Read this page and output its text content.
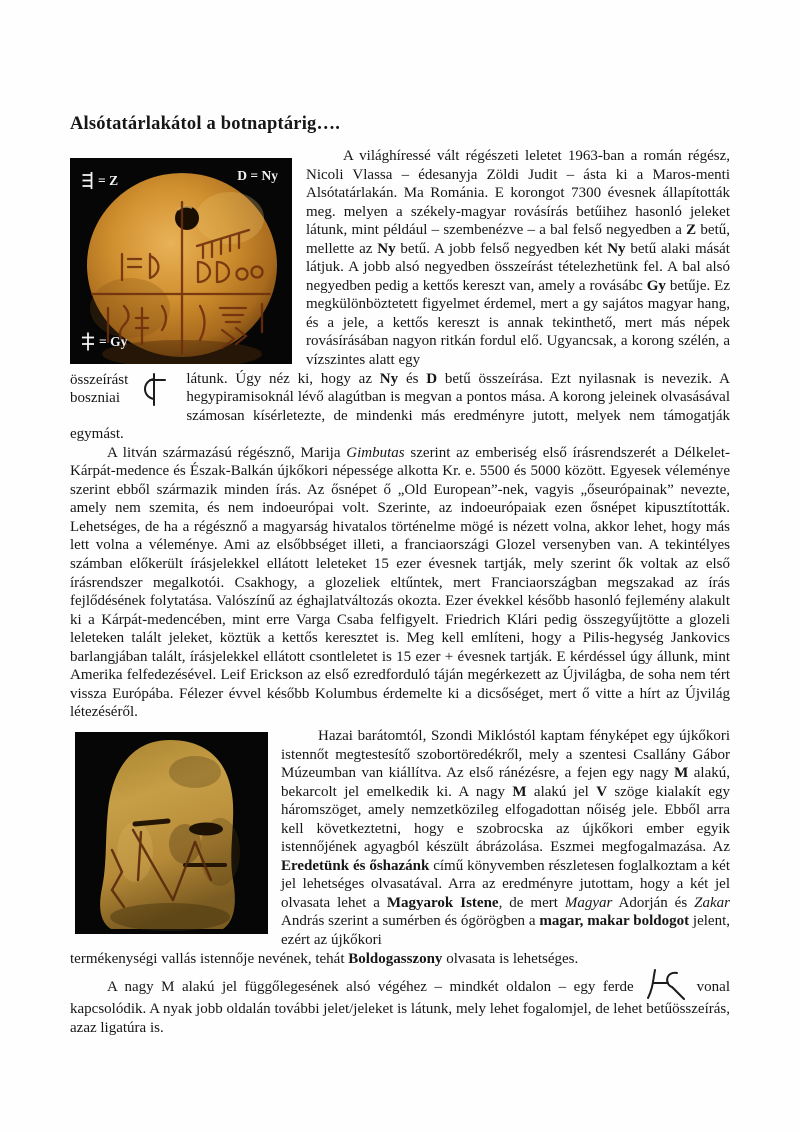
Alsótatárlakátol a botnaptárig….
= Z	D = Ny
= Gy
A világhíressé vált régészeti leletet 1963-ban a román régész, Nicoli Vlassa – édesanyja Zöldi Judit – ásta ki a Maros-menti Alsótatárlakán. Ma Románia. E korongot 7300 évesnek állapították meg. melyen a székely-magyar rovásírás betűihez hasonló jeleket látunk, mint például – szembenézve – a bal felső negyedben a Z betű, mellette az Ny betű. A jobb felső negyedben két Ny betű alaki mását látjuk. A jobb alsó negyedben összeírást tételezhetünk fel. A bal alsó negyedben pedig a kettős kereszt van, amely a rovásábc Gy betűje. Ez megkülönböztetett figyelmet érdemel, mert a gy sajátos magyar hang, és a jele, a kettős kereszt is annak tekinthető, mert más népek rovásírásában nagyon ritkán fordul elő. Ugyancsak, a korong szélén, a vízszintes alatt egy
összeírást
boszniai
látunk. Úgy néz ki, hogy az Ny és D betű összeírása. Ezt nyilasnak is nevezik. A hegypiramisoknál lévő alagútban is megvan a pontos mása. A korong jeleinek olvasásával számosan kísérletezte, de mindenki más eredményre jutott, melyek nem támogatják egymást.
A litván származású régésznő, Marija Gimbutas szerint az emberiség első írásrendszerét a Délkelet-Kárpát-medence és Észak-Balkán újkőkori népessége alkotta Kr. e. 5500 és 5000 között. Egyesek véleménye szerint ebből származik minden írás. Az ősnépet ő „Old European”-nek, vagyis „őseurópainak” nevezte, amely nem szemita, és nem indoeurópai volt. Szerinte, az indoeurópaiak ezen ősnépet kipusztították. Lehetséges, de ha a régésznő a magyarság hivatalos történelme mögé is nézett volna, akkor lehet, hogy más lett volna a véleménye. Ami az elsőbbséget illeti, a franciaországi Glozel versenyben van. A tekintélyes számban előkerült írásjelekkel ellátott leleteket 15 ezer évesnek tartják, mely szerint ők voltak az első írásrendszer megalkotói. Csakhogy, a glozeliek eltűntek, mert Franciaországban megszakad az írás fejlődésének folytatása. Valószínű az éghajlatváltozás okozta. Ezer évekkel később hasonló fejlemény alakult ki a Kárpát-medencében, mint erre Varga Csaba felfigyelt. Friedrich Klári pedig összegyűjtötte a glozeli leleteken talált jeleket, köztük a kettős keresztet is. Meg kell említeni, hogy a Pilis-hegység Jankovics barlangjában talált, írásjelekkel ellátott csontleletet is 15 ezer + évesnek tartják. E kérdéssel úgy állunk, mint Amerika felfedezésével. Leif Erickson az első ezredforduló táján megérkezett az Újvilágba, de soha nem tért vissza Európába. Félezer évvel később Kolumbus érdemelte ki a dicsőséget, mert ő vitte a hírt az Újvilág létezéséről.
Hazai barátomtól, Szondi Miklóstól kaptam fényképet egy újkőkori istennőt megtestesítő szobortöredékről, mely a szentesi Csallány Gábor Múzeumban van kiállítva. Az első ránézésre, a fejen egy nagy M alakú, bekarcolt jel emelkedik ki. A nagy M alakú jel V szöge kialakít egy háromszöget, amely nemzetközileg elfogadottan nőiség jele. Ebből arra kell következtetni, hogy e szobrocska az újkőkori ember egyik istennőjének agyagból készült ábrázolása. Eszmei megfogalmazása. Az Eredetünk és őshazánk című könyvemben részletesen foglalkoztam a két jel lehetséges olvasatával. Arra az eredményre jutottam, hogy a két jel olvasata lehet a Magyarok Istene, de mert Magyar Adorján és Zakar András szerint a sumérben és ógörögben a magar, makar boldogot jelent, ezért az újkőkori
termékenységi vallás istennője nevének, tehát Boldogasszony olvasata is lehetséges.
A nagy M alakú jel függőlegesének alsó végéhez – mindkét oldalon – egy ferde	vonal kapcsolódik. A nyak jobb oldalán további jelet/jeleket is látunk, mely lehet fogalomjel, de lehet betűösszeírás, azaz ligatúra is.
